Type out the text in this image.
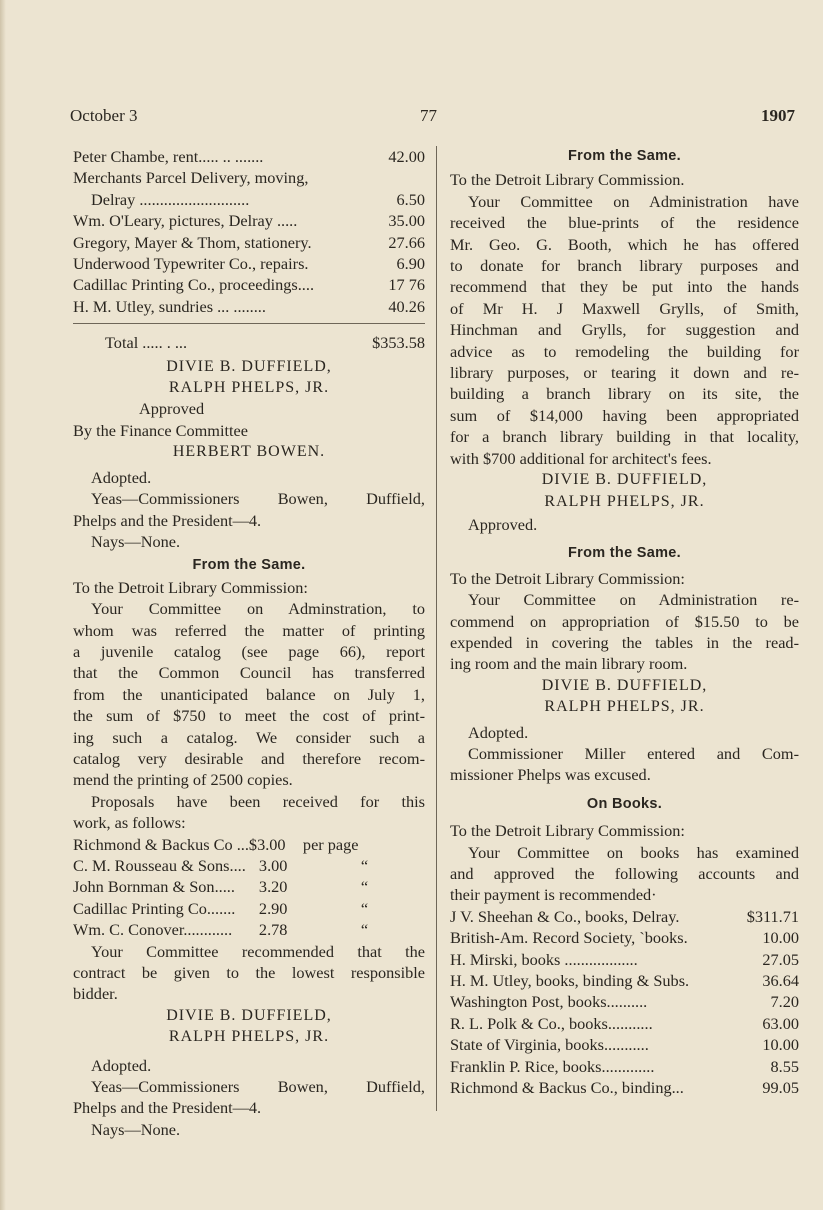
October 3	77	1907
Peter Chambe, rent..... .. .......	42.00
Merchants Parcel Delivery, moving,
Delray ...........................	6.50
Wm. O'Leary, pictures, Delray .....	35.00
Gregory, Mayer & Thom, stationery.	27.66
Underwood Typewriter Co., repairs.	6.90
Cadillac Printing Co., proceedings....	17 76
H. M. Utley, sundries ... ........	40.26
Total ..... . ...	$353.58
DIVIE B. DUFFIELD,
RALPH PHELPS, JR.
Approved
By the Finance Committee
HERBERT BOWEN.
Adopted.
Yeas—Commissioners Bowen, Duffield,
Phelps and the President—4.
Nays—None.
From the Same.
To the Detroit Library Commission:
Your Committee on Adminstration, to
whom was referred the matter of printing
a juvenile catalog (see page 66), report
that the Common Council has transferred
from the unanticipated balance on July 1,
the sum of $750 to meet the cost of print-
ing such a catalog. We consider such a
catalog very desirable and therefore recom-
mend the printing of 2500 copies.
Proposals have been received for this
work, as follows:
Richmond & Backus Co ... $3.00	per page
C. M. Rousseau & Sons.... 3.00	“
John Bornman & Son.....	3.20	“
Cadillac Printing Co.......	2.90	“
Wm. C. Conover............	2.78	“
Your Committee recommended that the
contract be given to the lowest responsible
bidder.
DIVIE B. DUFFIELD,
RALPH PHELPS, JR.
Adopted.
Yeas—Commissioners Bowen, Duffield,
Phelps and the President—4.
Nays—None.
From the Same.
To the Detroit Library Commission.
Your Committee on Administration have
received the blue-prints of the residence
Mr. Geo. G. Booth, which he has offered
to donate for branch library purposes and
recommend that they be put into the hands
of Mr H. J Maxwell Grylls, of Smith,
Hinchman and Grylls, for suggestion and
advice as to remodeling the building for
library purposes, or tearing it down and re-
building a branch library on its site, the
sum of $14,000 having been appropriated
for a branch library building in that locality,
with $700 additional for architect's fees.
DIVIE B. DUFFIELD,
RALPH PHELPS, JR.
Approved.
From the Same.
To the Detroit Library Commission:
Your Committee on Administration re-
commend on appropriation of $15.50 to be
expended in covering the tables in the read-
ing room and the main library room.
DIVIE B. DUFFIELD,
RALPH PHELPS, JR.
Adopted.
Commissioner Miller entered and Com-
missioner Phelps was excused.
On Books.
To the Detroit Library Commission:
Your Committee on books has examined
and approved the following accounts and
their payment is recommended·
J V. Sheehan & Co., books, Delray.	$311.71
British-Am. Record Society, ˋbooks.	10.00
H. Mirski, books ..................	27.05
H. M. Utley, books, binding & Subs.	36.64
Washington Post, books..........	7.20
R. L. Polk & Co., books...........	63.00
State of Virginia, books...........	10.00
Franklin P. Rice, books.............	8.55
Richmond & Backus Co., binding...	99.05
